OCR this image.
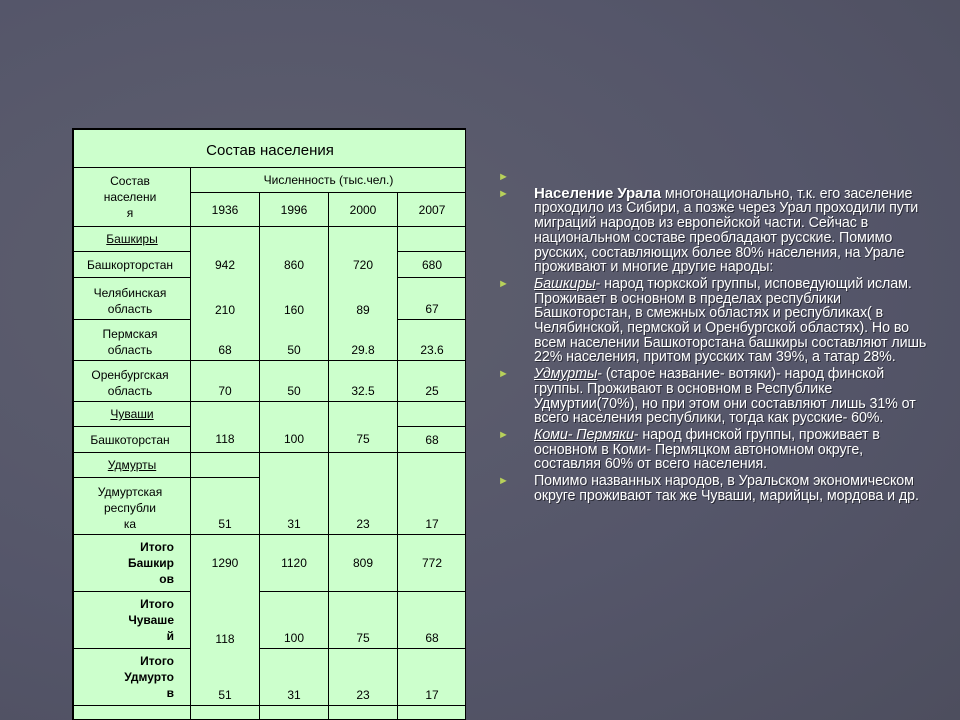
Состав населения				

Состав
населени
я	Численность (тыс.чел.)			
	1936	1996	2000	2007
Башкиры				

Башкорторстан	942	860	720	680

Челябинская
область	210	160	89	67

Пермская
область	68	50	29.8	23.6

Оренбургская
область	70	50	32.5	25
Чуваши				

Башкоторстан	118	100	75	68
Удмурты				

Удмуртская
республи
ка	51	31	23	17

Итого
Башкир
ов	1290	1120	809	772

Итого
Чуваше
й	118	100	75	68

Итого
Удмурто
в	51	31	23	17

►

► Население Урала многонационально, т.к. его заселение проходило из Сибири, а позже через Урал проходили пути миграций народов из европейской части. Сейчас в национальном составе преобладают русские. Помимо русских, составляющих более 80% населения, на Урале проживают и многие другие народы:
► Башкиры- народ тюркской группы, исповедующий ислам. Проживает в основном в пределах республики Башкоторстан, в смежных областях и республиках( в Челябинской, пермской и Оренбургской областях). Но во всем населении Башкоторстана башкиры составляют лишь 22% населения, притом русских там 39%, а татар 28%.
► Удмурты- (старое название- вотяки)- народ финской группы. Проживают в основном в Республике Удмуртии(70%), но при этом они составляют лишь 31% от всего населения республики, тогда как русские- 60%.
► Коми- Пермяки- народ финской группы, проживает в основном в Коми- Пермяцком автономном округе, составляя 60% от всего населения.
► Помимо названных народов, в Уральском экономическом округе проживают так же Чуваши, марийцы, мордова и др.
